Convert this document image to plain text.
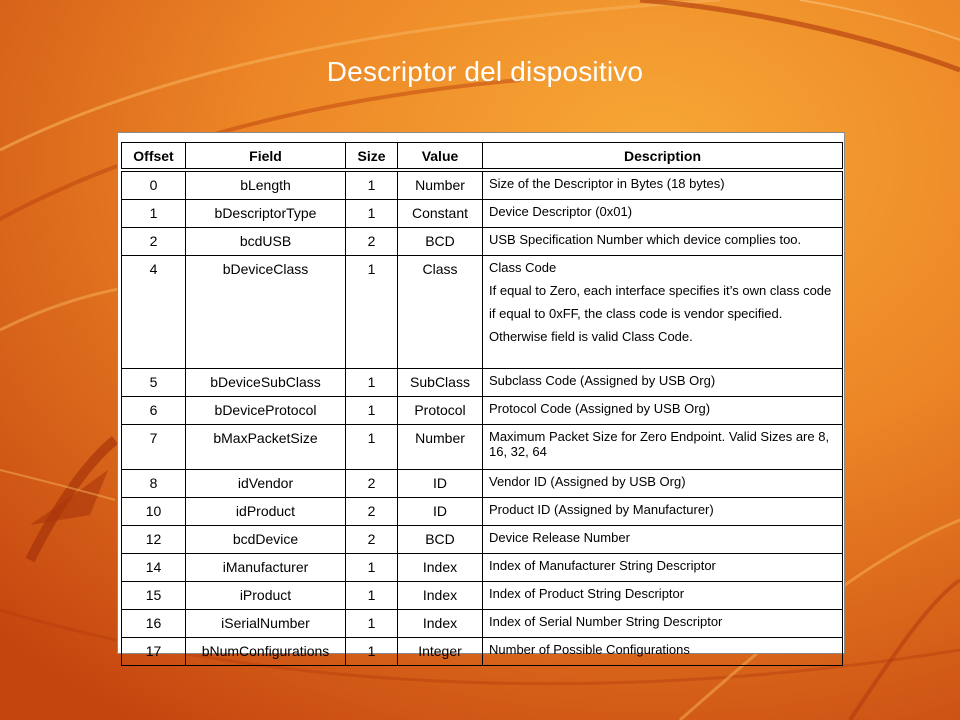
Descriptor del dispositivo
Offset	Field	Size	Value	Description
0	bLength	1	Number	Size of the Descriptor in Bytes (18 bytes)

1	bDescriptorType	1	Constant	Device Descriptor (0x01)

2	bcdUSB	2	BCD	USB Specification Number which device complies too.

4	bDeviceClass	1	Class	Class Code
If equal to Zero, each interface specifies it’s own class code
if equal to 0xFF, the class code is vendor specified.
Otherwise field is valid Class Code.

5	bDeviceSubClass	1	SubClass	Subclass Code (Assigned by USB Org)

6	bDeviceProtocol	1	Protocol	Protocol Code (Assigned by USB Org)

7	bMaxPacketSize	1	Number	Maximum Packet Size for Zero Endpoint. Valid Sizes are 8, 16, 32, 64

8	idVendor	2	ID	Vendor ID (Assigned by USB Org)

10	idProduct	2	ID	Product ID (Assigned by Manufacturer)

12	bcdDevice	2	BCD	Device Release Number

14	iManufacturer	1	Index	Index of Manufacturer String Descriptor

15	iProduct	1	Index	Index of Product String Descriptor

16	iSerialNumber	1	Index	Index of Serial Number String Descriptor

17	bNumConfigurations	1	Integer	Number of Possible Configurations
